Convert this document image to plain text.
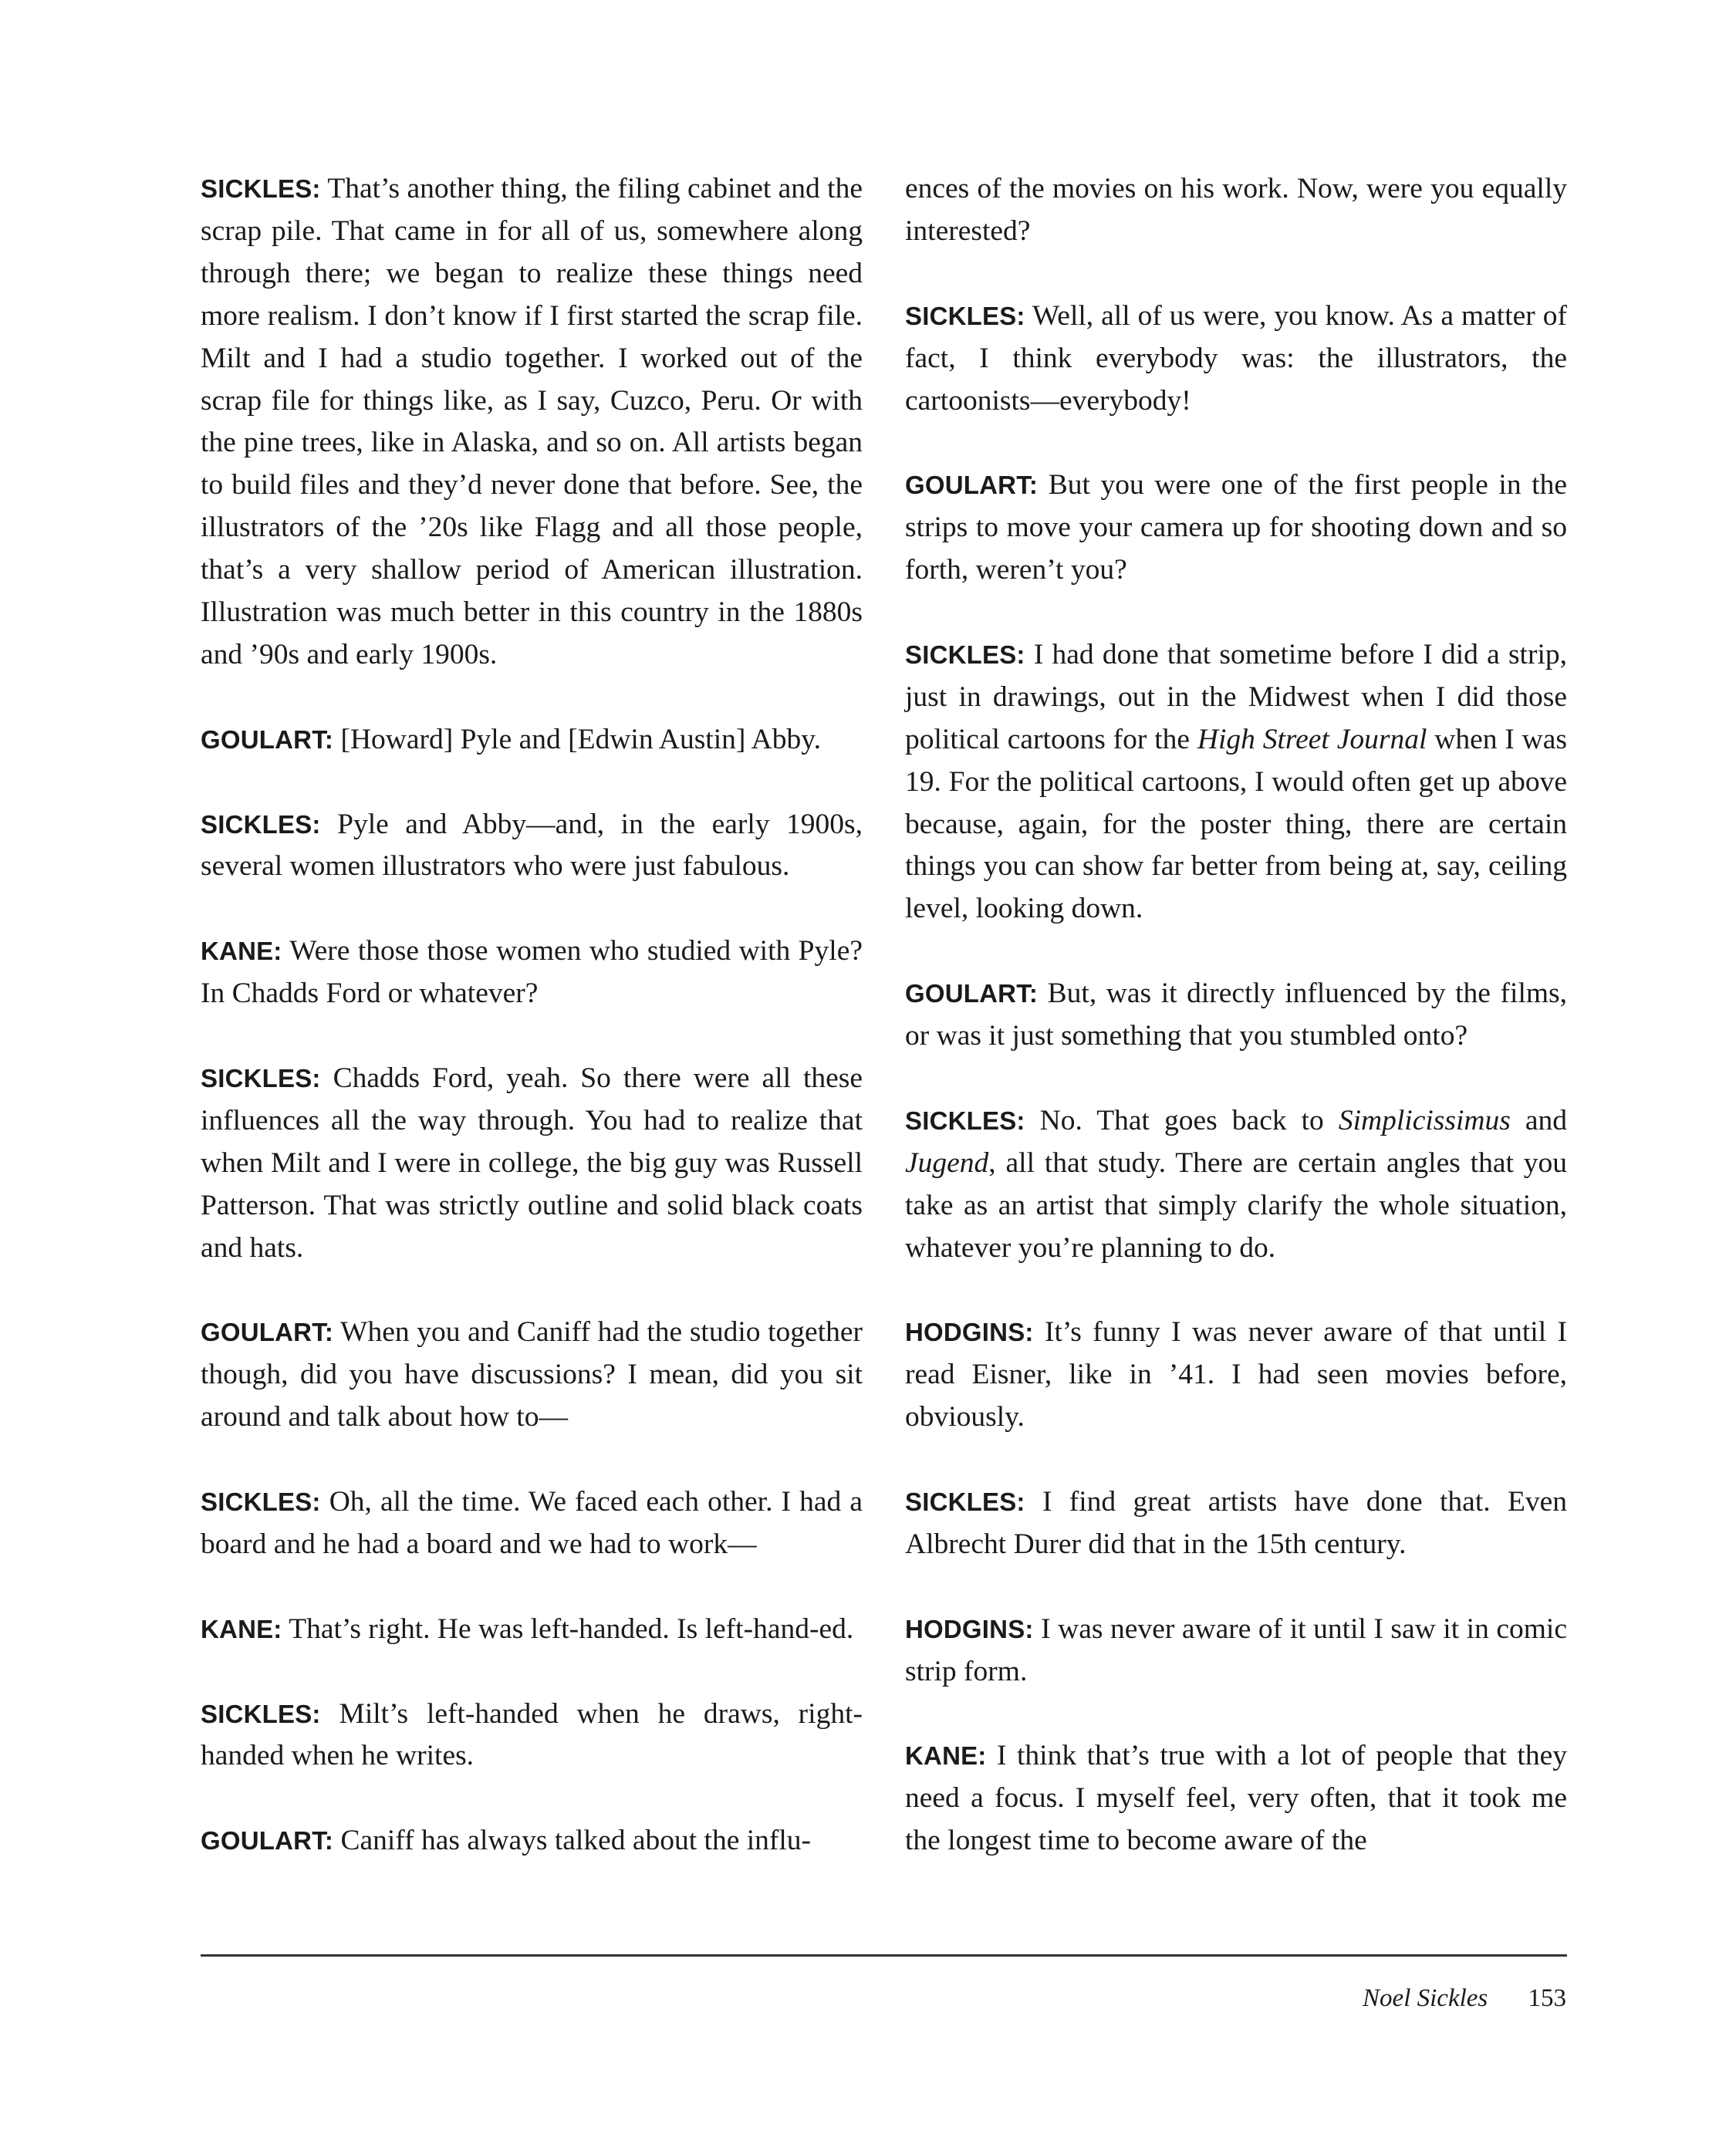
SICKLES: That’s another thing, the filing cabinet and the scrap pile. That came in for all of us, somewhere along through there; we began to realize these things need more realism. I don’t know if I first started the scrap file. Milt and I had a studio together. I worked out of the scrap file for things like, as I say, Cuzco, Peru. Or with the pine trees, like in Alaska, and so on. All artists began to build files and they’d never done that before. See, the illustrators of the ’20s like Flagg and all those people, that’s a very shallow period of American illustration. Illustration was much better in this country in the 1880s and ’90s and early 1900s.

GOULART: [Howard] Pyle and [Edwin Austin] Abby.

SICKLES: Pyle and Abby—and, in the early 1900s, several women illustrators who were just fabulous.

KANE: Were those those women who studied with Pyle? In Chadds Ford or whatever?

SICKLES: Chadds Ford, yeah. So there were all these influences all the way through. You had to realize that when Milt and I were in college, the big guy was Russell Patterson. That was strictly outline and solid black coats and hats.

GOULART: When you and Caniff had the studio together though, did you have discussions? I mean, did you sit around and talk about how to—

SICKLES: Oh, all the time. We faced each other. I had a board and he had a board and we had to work—

KANE: That’s right. He was left-handed. Is left-hand-ed.

SICKLES: Milt’s left-handed when he draws, right-handed when he writes.

GOULART: Caniff has always talked about the influ-

ences of the movies on his work. Now, were you equally interested?

SICKLES: Well, all of us were, you know. As a matter of fact, I think everybody was: the illustrators, the cartoonists—everybody!

GOULART: But you were one of the first people in the strips to move your camera up for shooting down and so forth, weren’t you?

SICKLES: I had done that sometime before I did a strip, just in drawings, out in the Midwest when I did those political cartoons for the High Street Journal when I was 19. For the political cartoons, I would often get up above because, again, for the poster thing, there are certain things you can show far better from being at, say, ceiling level, looking down.

GOULART: But, was it directly influenced by the films, or was it just something that you stumbled onto?

SICKLES: No. That goes back to Simplicissimus and Jugend, all that study. There are certain angles that you take as an artist that simply clarify the whole situation, whatever you’re planning to do.

HODGINS: It’s funny I was never aware of that until I read Eisner, like in ’41. I had seen movies before, obviously.

SICKLES: I find great artists have done that. Even Albrecht Durer did that in the 15th century.

HODGINS: I was never aware of it until I saw it in comic strip form.

KANE: I think that’s true with a lot of people that they need a focus. I myself feel, very often, that it took me the longest time to become aware of the

Noel Sickles 153
